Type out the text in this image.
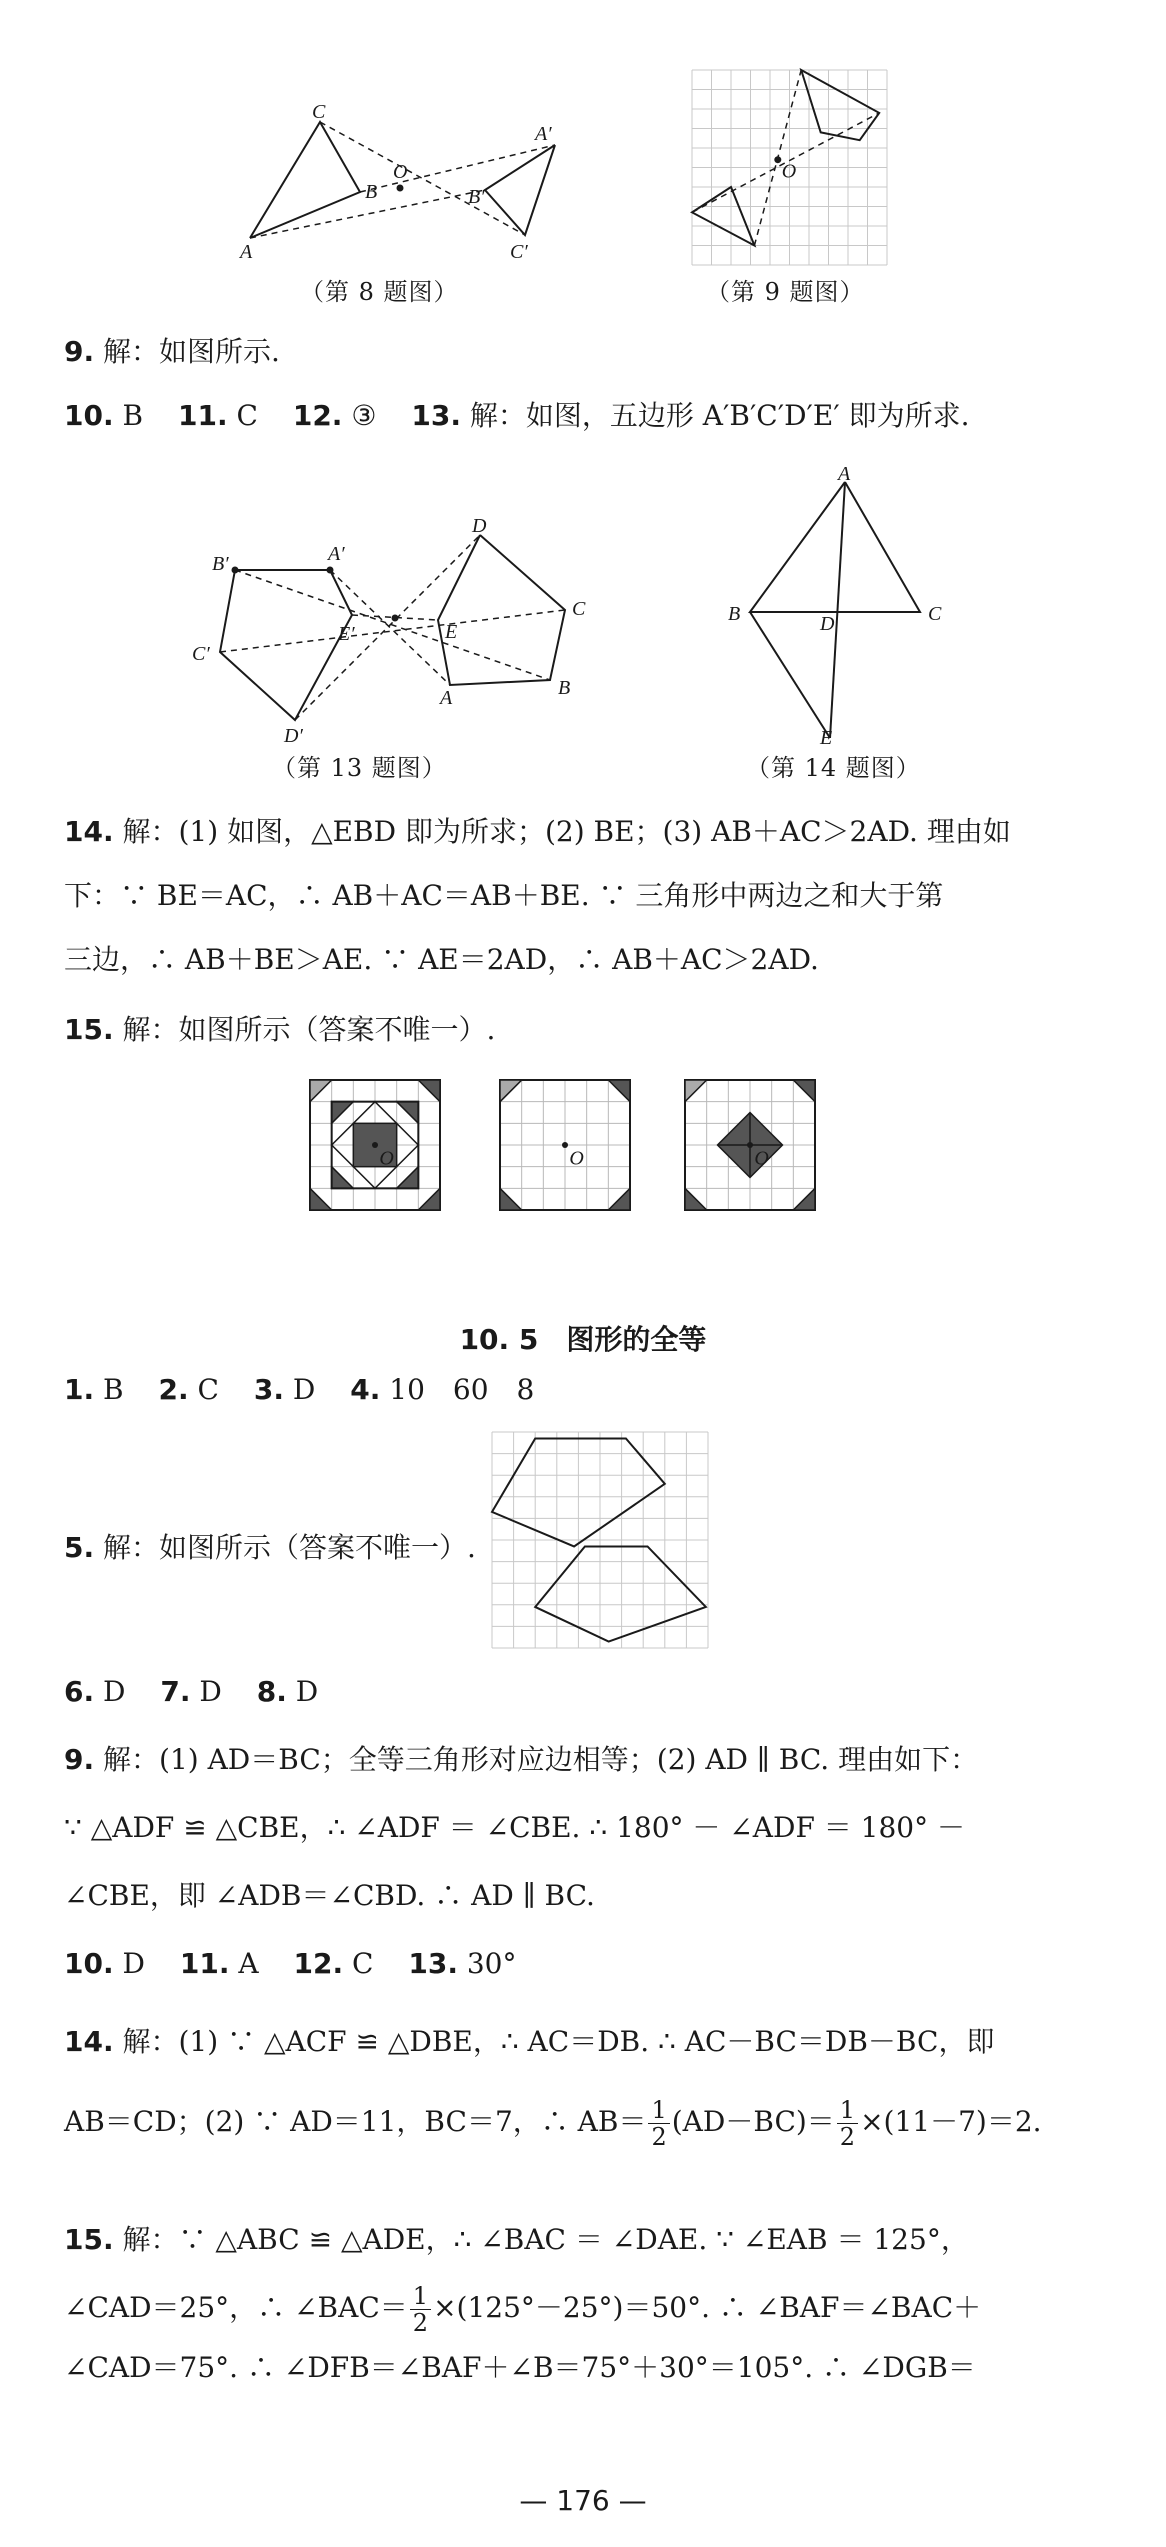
C
A
B
O
B′
A′
C′
（第 8 题图）
O
（第 9 题图）
9. 解：如图所示.
10. B 11. C 12. ③ 13. 解：如图，五边形 A′B′C′D′E′ 即为所求.
B′	A′
C′
E′
D′
D
C
E
B
A
（第 13 题图）
A
B	C
D
E
（第 14 题图）
14. 解：(1) 如图，△EBD 即为所求；(2) BE；(3) AB＋AC＞2AD. 理由如
下：∵ BE＝AC，∴ AB＋AC＝AB＋BE. ∵ 三角形中两边之和大于第
三边，∴ AB＋BE＞AE. ∵ AE＝2AD，∴ AB＋AC＞2AD.
15. 解：如图所示（答案不唯一）.
O	O	O
10. 5　图形的全等
1. B 2. C 3. D 4. 10　60　8
5. 解：如图所示（答案不唯一）.
6. D 7. D 8. D
9. 解：(1) AD＝BC；全等三角形对应边相等；(2) AD ∥ BC. 理由如下：
∵ △ADF ≌ △CBE，∴ ∠ADF ＝ ∠CBE. ∴ 180° － ∠ADF ＝ 180° －
∠CBE，即 ∠ADB＝∠CBD. ∴ AD ∥ BC.
10. D 11. A 12. C 13. 30°
14. 解：(1) ∵ △ACF ≌ △DBE，∴ AC＝DB. ∴ AC－BC＝DB－BC，即
AB＝CD；(2) ∵ AD＝11，BC＝7，∴ $AB= \frac{1}{2} (AD-BC)= \frac{1}{2} \times(11-7)=2$.
15. 解：∵ △ABC ≌ △ADE，∴ ∠BAC ＝ ∠DAE. ∵ ∠EAB ＝ 125°，
∠CAD＝25°，∴ ∠BAC＝ $\frac{1}{2} \times(125^\circ-25^\circ)=50^\circ$. ∴ ∠BAF＝∠BAC＋
∠CAD＝75°. ∴ ∠DFB＝∠BAF＋∠B＝75°＋30°＝105°. ∴ ∠DGB＝
— 176 —
